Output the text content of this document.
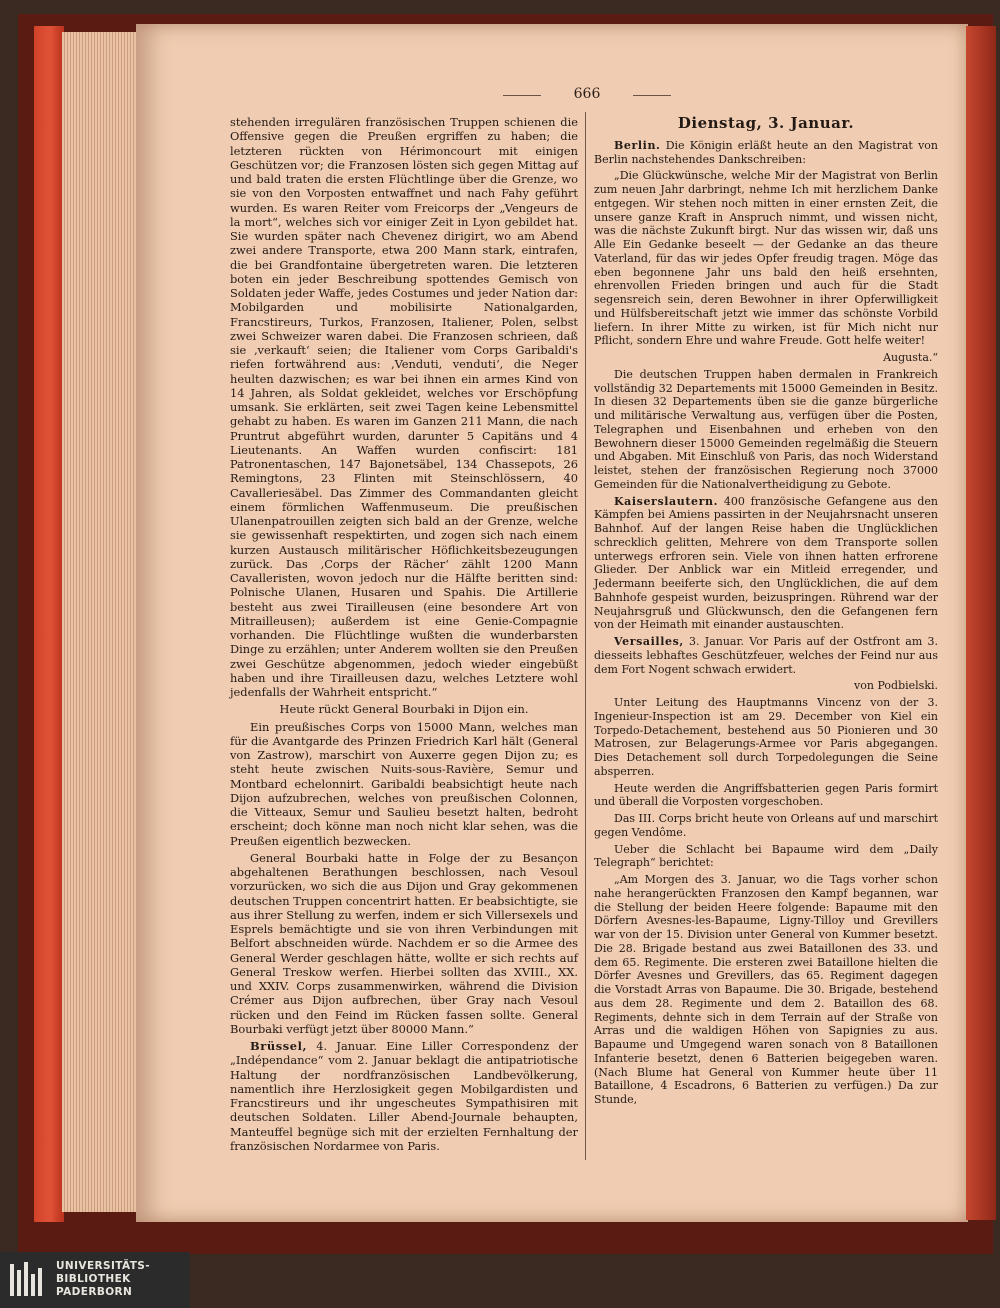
666

stehenden irregulären französischen Truppen schienen die Offensive gegen die Preußen ergriffen zu haben; die letzteren rückten von Hérimoncourt mit einigen Geschützen vor; die Franzosen lösten sich gegen Mittag auf und bald traten die ersten Flüchtlinge über die Grenze, wo sie von den Vorposten entwaffnet und nach Fahy geführt wurden. Es waren Reiter vom Freicorps der „Vengeurs de la mort“, welches sich vor einiger Zeit in Lyon gebildet hat. Sie wurden später nach Chevenez dirigirt, wo am Abend zwei andere Transporte, etwa 200 Mann stark, eintrafen, die bei Grandfontaine übergetreten waren. Die letzteren boten ein jeder Beschreibung spottendes Gemisch von Soldaten jeder Waffe, jedes Costumes und jeder Nation dar: Mobilgarden und mobilisirte Nationalgarden, Francstireurs, Turkos, Franzosen, Italiener, Polen, selbst zwei Schweizer waren dabei. Die Franzosen schrieen, daß sie ‚verkauft‘ seien; die Italiener vom Corps Garibaldi's riefen fortwährend aus: ‚Venduti, venduti‘, die Neger heulten dazwischen; es war bei ihnen ein armes Kind von 14 Jahren, als Soldat gekleidet, welches vor Erschöpfung umsank. Sie erklärten, seit zwei Tagen keine Lebensmittel gehabt zu haben. Es waren im Ganzen 211 Mann, die nach Pruntrut abgeführt wurden, darunter 5 Capitäns und 4 Lieutenants. An Waffen wurden confiscirt: 181 Patronentaschen, 147 Bajonetsäbel, 134 Chassepots, 26 Remingtons, 23 Flinten mit Steinschlössern, 40 Cavalleriesäbel. Das Zimmer des Commandanten gleicht einem förmlichen Waffenmuseum. Die preußischen Ulanenpatrouillen zeigten sich bald an der Grenze, welche sie gewissenhaft respektirten, und zogen sich nach einem kurzen Austausch militärischer Höflichkeitsbezeugungen zurück. Das ‚Corps der Rächer‘ zählt 1200 Mann Cavalleristen, wovon jedoch nur die Hälfte beritten sind: Polnische Ulanen, Husaren und Spahis. Die Artillerie besteht aus zwei Tirailleusen (eine besondere Art von Mitrailleusen); außerdem ist eine Genie-Compagnie vorhanden. Die Flüchtlinge wußten die wunderbarsten Dinge zu erzählen; unter Anderem wollten sie den Preußen zwei Geschütze abgenommen, jedoch wieder eingebüßt haben und ihre Tirailleusen dazu, welches Letztere wohl jedenfalls der Wahrheit entspricht.“

Heute rückt General Bourbaki in Dijon ein.

Ein preußisches Corps von 15000 Mann, welches man für die Avantgarde des Prinzen Friedrich Karl hält (General von Zastrow), marschirt von Auxerre gegen Dijon zu; es steht heute zwischen Nuits-sous-Ravière, Semur und Montbard echelonnirt. Garibaldi beabsichtigt heute nach Dijon aufzubrechen, welches von preußischen Colonnen, die Vitteaux, Semur und Saulieu besetzt halten, bedroht erscheint; doch könne man noch nicht klar sehen, was die Preußen eigentlich bezwecken.

General Bourbaki hatte in Folge der zu Besançon abgehaltenen Berathungen beschlossen, nach Vesoul vorzurücken, wo sich die aus Dijon und Gray gekommenen deutschen Truppen concentrirt hatten. Er beabsichtigte, sie aus ihrer Stellung zu werfen, indem er sich Villersexels und Esprels bemächtigte und sie von ihren Verbindungen mit Belfort abschneiden würde. Nachdem er so die Armee des General Werder geschlagen hätte, wollte er sich rechts auf General Treskow werfen. Hierbei sollten das XVIII., XX. und XXIV. Corps zusammenwirken, während die Division Crémer aus Dijon aufbrechen, über Gray nach Vesoul rücken und den Feind im Rücken fassen sollte. General Bourbaki verfügt jetzt über 80000 Mann.“

Brüssel, 4. Januar. Eine Liller Correspondenz der „Indépendance“ vom 2. Januar beklagt die antipatriotische Haltung der nordfranzösischen Landbevölkerung, namentlich ihre Herzlosigkeit gegen Mobilgardisten und Francstireurs und ihr ungescheutes Sympathisiren mit deutschen Soldaten. Liller Abend-Journale behaupten, Manteuffel begnüge sich mit der erzielten Fernhaltung der französischen Nordarmee von Paris.

Dienstag, 3. Januar.

Berlin. Die Königin erläßt heute an den Magistrat von Berlin nachstehendes Dankschreiben:

„Die Glückwünsche, welche Mir der Magistrat von Berlin zum neuen Jahr darbringt, nehme Ich mit herzlichem Danke entgegen. Wir stehen noch mitten in einer ernsten Zeit, die unsere ganze Kraft in Anspruch nimmt, und wissen nicht, was die nächste Zukunft birgt. Nur das wissen wir, daß uns Alle Ein Gedanke beseelt — der Gedanke an das theure Vaterland, für das wir jedes Opfer freudig tragen. Möge das eben begonnene Jahr uns bald den heiß ersehnten, ehrenvollen Frieden bringen und auch für die Stadt segensreich sein, deren Bewohner in ihrer Opferwilligkeit und Hülfsbereitschaft jetzt wie immer das schönste Vorbild liefern. In ihrer Mitte zu wirken, ist für Mich nicht nur Pflicht, sondern Ehre und wahre Freude. Gott helfe weiter!

Augusta.“

Die deutschen Truppen haben dermalen in Frankreich vollständig 32 Departements mit 15000 Gemeinden in Besitz. In diesen 32 Departements üben sie die ganze bürgerliche und militärische Verwaltung aus, verfügen über die Posten, Telegraphen und Eisenbahnen und erheben von den Bewohnern dieser 15000 Gemeinden regelmäßig die Steuern und Abgaben. Mit Einschluß von Paris, das noch Widerstand leistet, stehen der französischen Regierung noch 37000 Gemeinden für die Nationalvertheidigung zu Gebote.

Kaiserslautern. 400 französische Gefangene aus den Kämpfen bei Amiens passirten in der Neujahrsnacht unseren Bahnhof. Auf der langen Reise haben die Unglücklichen schrecklich gelitten, Mehrere von dem Transporte sollen unterwegs erfroren sein. Viele von ihnen hatten erfrorene Glieder. Der Anblick war ein Mitleid erregender, und Jedermann beeiferte sich, den Unglücklichen, die auf dem Bahnhofe gespeist wurden, beizuspringen. Rührend war der Neujahrsgruß und Glückwunsch, den die Gefangenen fern von der Heimath mit einander austauschten.

Versailles, 3. Januar. Vor Paris auf der Ostfront am 3. diesseits lebhaftes Geschützfeuer, welches der Feind nur aus dem Fort Nogent schwach erwidert.

von Podbielski.

Unter Leitung des Hauptmanns Vincenz von der 3. Ingenieur-Inspection ist am 29. December von Kiel ein Torpedo-Detachement, bestehend aus 50 Pionieren und 30 Matrosen, zur Belagerungs-Armee vor Paris abgegangen. Dies Detachement soll durch Torpedolegungen die Seine absperren.

Heute werden die Angriffsbatterien gegen Paris formirt und überall die Vorposten vorgeschoben.

Das III. Corps bricht heute von Orleans auf und marschirt gegen Vendôme.

Ueber die Schlacht bei Bapaume wird dem „Daily Telegraph“ berichtet:

„Am Morgen des 3. Januar, wo die Tags vorher schon nahe herangerückten Franzosen den Kampf begannen, war die Stellung der beiden Heere folgende: Bapaume mit den Dörfern Avesnes-les-Bapaume, Ligny-Tilloy und Grevillers war von der 15. Division unter General von Kummer besetzt. Die 28. Brigade bestand aus zwei Bataillonen des 33. und dem 65. Regimente. Die ersteren zwei Bataillone hielten die Dörfer Avesnes und Grevillers, das 65. Regiment dagegen die Vorstadt Arras von Bapaume. Die 30. Brigade, bestehend aus dem 28. Regimente und dem 2. Bataillon des 68. Regiments, dehnte sich in dem Terrain auf der Straße von Arras und die waldigen Höhen von Sapignies zu aus. Bapaume und Umgegend waren sonach von 8 Bataillonen Infanterie besetzt, denen 6 Batterien beigegeben waren. (Nach Blume hat General von Kummer heute über 11 Bataillone, 4 Escadrons, 6 Batterien zu verfügen.) Da zur Stunde,

UNIVERSITÄTS-
BIBLIOTHEK
PADERBORN
